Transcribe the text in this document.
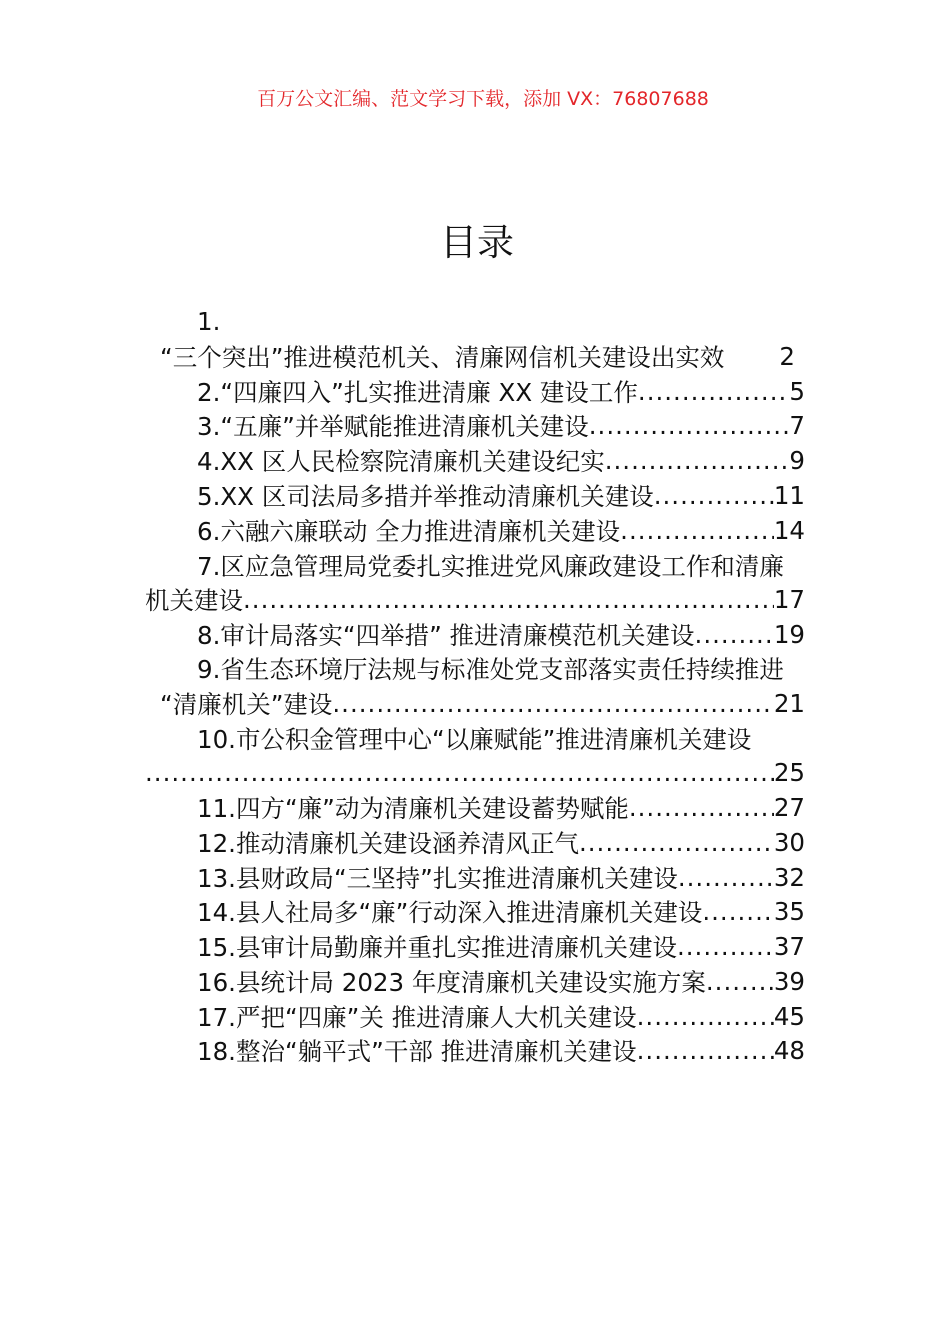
百万公文汇编、范文学习下载，添加 VX：76807688
目录
1.
“三个突出”推进模范机关、清廉网信机关建设出实效 2
2.“四廉四入”扎实推进清廉 XX 建设工作 .....	5
3.“五廉”并举赋能推进清廉机关建设 .....	7
4.XX 区人民检察院清廉机关建设纪实 .....	9
5.XX 区司法局多措并举推动清廉机关建设 .....	11
6.六融六廉联动 全力推进清廉机关建设 .....	14
7.区应急管理局党委扎实推进党风廉政建设工作和清廉
机关建设 .....	17
8.审计局落实“四举措” 推进清廉模范机关建设 .....	19
9.省生态环境厅法规与标准处党支部落实责任持续推进
“清廉机关”建设 .....	21
10.市公积金管理中心“以廉赋能”推进清廉机关建设
.....
25
11.四方“廉”动为清廉机关建设蓄势赋能 .....	27
12.推动清廉机关建设涵养清风正气 .....	30
13.县财政局“三坚持”扎实推进清廉机关建设 .....	32
14.县人社局多“廉”行动深入推进清廉机关建设 .....	35
15.县审计局勤廉并重扎实推进清廉机关建设 .....	37
16.县统计局 2023 年度清廉机关建设实施方案 .....	39
17.严把“四廉”关 推进清廉人大机关建设 .....	45
18.整治“躺平式”干部 推进清廉机关建设 .....	48
